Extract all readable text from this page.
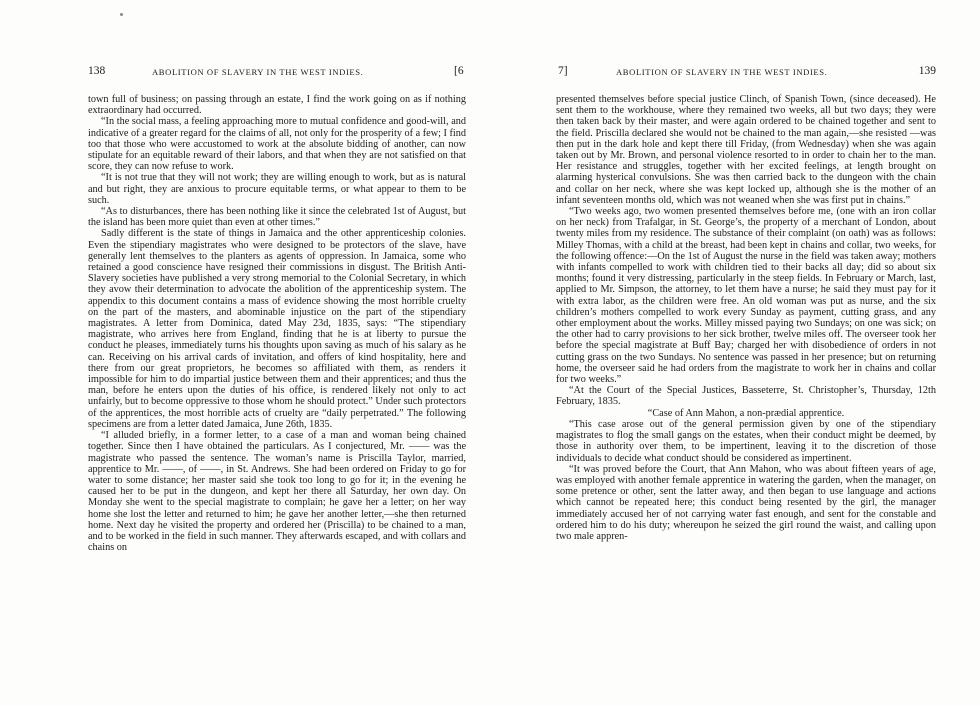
138	ABOLITION OF SLAVERY IN THE WEST INDIES.	[6

town full of business; on passing through an estate, I find the work going on as if nothing extraordinary had occurred.

“In the social mass, a feeling approaching more to mutual confidence and good-will, and indicative of a greater regard for the claims of all, not only for the prosperity of a few; I find too that those who were accustomed to work at the absolute bidding of another, can now stipulate for an equitable reward of their labors, and that when they are not satisfied on that score, they can now refuse to work.

“It is not true that they will not work; they are willing enough to work, but as is natural and but right, they are anxious to procure equitable terms, or what appear to them to be such.

“As to disturbances, there has been nothing like it since the celebrated 1st of August, but the island has been more quiet than even at other times.”

Sadly different is the state of things in Jamaica and the other apprenticeship colonies. Even the stipendiary magistrates who were designed to be protectors of the slave, have generally lent themselves to the planters as agents of oppression. In Jamaica, some who retained a good conscience have resigned their commissions in disgust. The British Anti-Slavery societies have published a very strong memorial to the Colonial Secretary, in which they avow their determination to advocate the abolition of the apprenticeship system. The appendix to this document contains a mass of evidence showing the most horrible cruelty on the part of the masters, and abominable injustice on the part of the stipendiary magistrates. A letter from Dominica, dated May 23d, 1835, says: “The stipendiary magistrate, who arrives here from England, finding that he is at liberty to pursue the conduct he pleases, immediately turns his thoughts upon saving as much of his salary as he can. Receiving on his arrival cards of invitation, and offers of kind hospitality, here and there from our great proprietors, he becomes so affiliated with them, as renders it impossible for him to do impartial justice between them and their apprentices; and thus the man, before he enters upon the duties of his office, is rendered likely not only to act unfairly, but to become oppressive to those whom he should protect.” Under such protectors of the apprentices, the most horrible acts of cruelty are “daily perpetrated.” The following specimens are from a letter dated Jamaica, June 26th, 1835.

“I alluded briefly, in a former letter, to a case of a man and woman being chained together. Since then I have obtained the particulars. As I conjectured, Mr. —— was the magistrate who passed the sentence. The woman’s name is Priscilla Taylor, married, apprentice to Mr. ——, of ——, in St. Andrews. She had been ordered on Friday to go for water to some distance; her master said she took too long to go for it; in the evening he caused her to be put in the dungeon, and kept her there all Saturday, her own day. On Monday she went to the special magistrate to complain; he gave her a letter; on her way home she lost the letter and returned to him; he gave her another letter,—she then returned home. Next day he visited the property and ordered her (Priscilla) to be chained to a man, and to be worked in the field in such manner. They afterwards escaped, and with collars and chains on

7]	ABOLITION OF SLAVERY IN THE WEST INDIES.	139

presented themselves before special justice Clinch, of Spanish Town, (since deceased). He sent them to the workhouse, where they remained two weeks, all but two days; they were then taken back by their master, and were again ordered to be chained together and sent to the field. Priscilla declared she would not be chained to the man again,—she resisted —was then put in the dark hole and kept there till Friday, (from Wednesday) when she was again taken out by Mr. Brown, and personal violence resorted to in order to chain her to the man. Her resistance and struggles, together with her excited feelings, at length brought on alarming hysterical convulsions. She was then carried back to the dungeon with the chain and collar on her neck, where she was kept locked up, although she is the mother of an infant seventeen months old, which was not weaned when she was first put in chains.”

“Two weeks ago, two women presented themselves before me, (one with an iron collar on her neck) from Trafalgar, in St. George’s, the property of a merchant of London, about twenty miles from my residence. The substance of their complaint (on oath) was as follows: Milley Thomas, with a child at the breast, had been kept in chains and collar, two weeks, for the following offence:—On the 1st of August the nurse in the field was taken away; mothers with infants compelled to work with children tied to their backs all day; did so about six months; found it very distressing, particularly in the steep fields. In February or March, last, applied to Mr. Simpson, the attorney, to let them have a nurse; he said they must pay for it with extra labor, as the children were free. An old woman was put as nurse, and the six children’s mothers compelled to work every Sunday as payment, cutting grass, and any other employment about the works. Milley missed paying two Sundays; on one was sick; on the other had to carry provisions to her sick brother, twelve miles off. The overseer took her before the special magistrate at Buff Bay; charged her with disobedience of orders in not cutting grass on the two Sundays. No sentence was passed in her presence; but on returning home, the overseer said he had orders from the magistrate to work her in chains and collar for two weeks.”

“At the Court of the Special Justices, Basseterre, St. Christopher’s, Thursday, 12th February, 1835.

“Case of Ann Mahon, a non-prædial apprentice.

“This case arose out of the general permission given by one of the stipendiary magistrates to flog the small gangs on the estates, when their conduct might be deemed, by those in authority over them, to be impertinent, leaving it to the discretion of those individuals to decide what conduct should be considered as impertinent.

“It was proved before the Court, that Ann Mahon, who was about fifteen years of age, was employed with another female apprentice in watering the garden, when the manager, on some pretence or other, sent the latter away, and then began to use language and actions which cannot be repeated here; this conduct being resented by the girl, the manager immediately accused her of not carrying water fast enough, and sent for the constable and ordered him to do his duty; whereupon he seized the girl round the waist, and calling upon two male appren-
